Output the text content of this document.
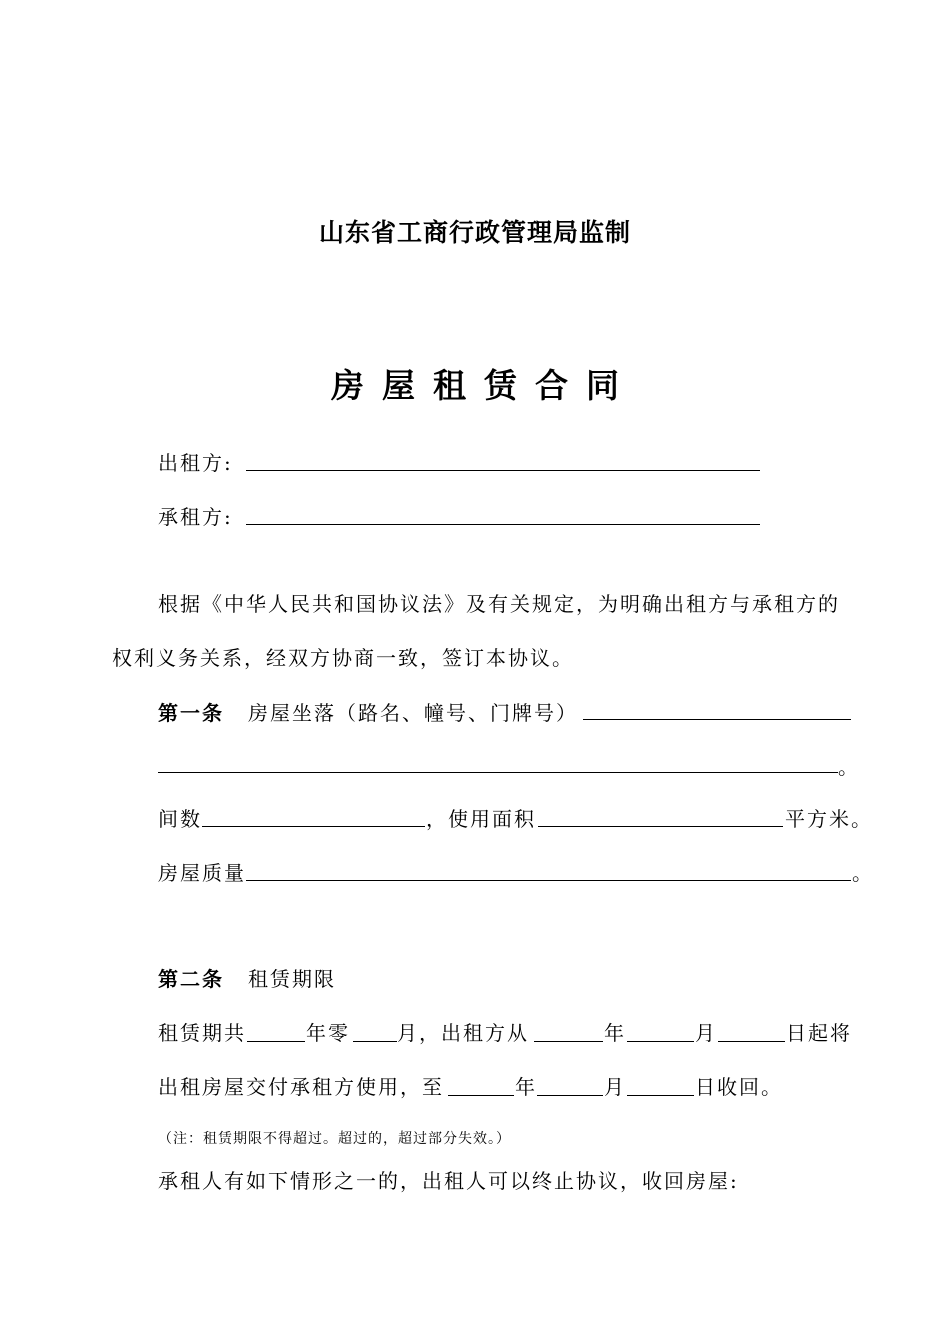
山东省工商行政管理局监制
房屋租赁合同
出租方:
承租方:
根据《中华人民共和国协议法》及有关规定，为明确出租方与承租方的
权利义务关系，经双方协商一致，签订本协议。
第一条 房屋坐落（路名、幢号、门牌号）
。
间数	， 使用面积	平方米。
房屋质量	。
第二条 租赁期限
租赁期共	年零 月，出租方从	年	月	日起将
出租房屋交付承租方使用，至	年	月	日收回。
（注：租赁期限不得超过。超过的，超过部分失效。）
承租人有如下情形之一的，出租人可以终止协议，收回房屋:
